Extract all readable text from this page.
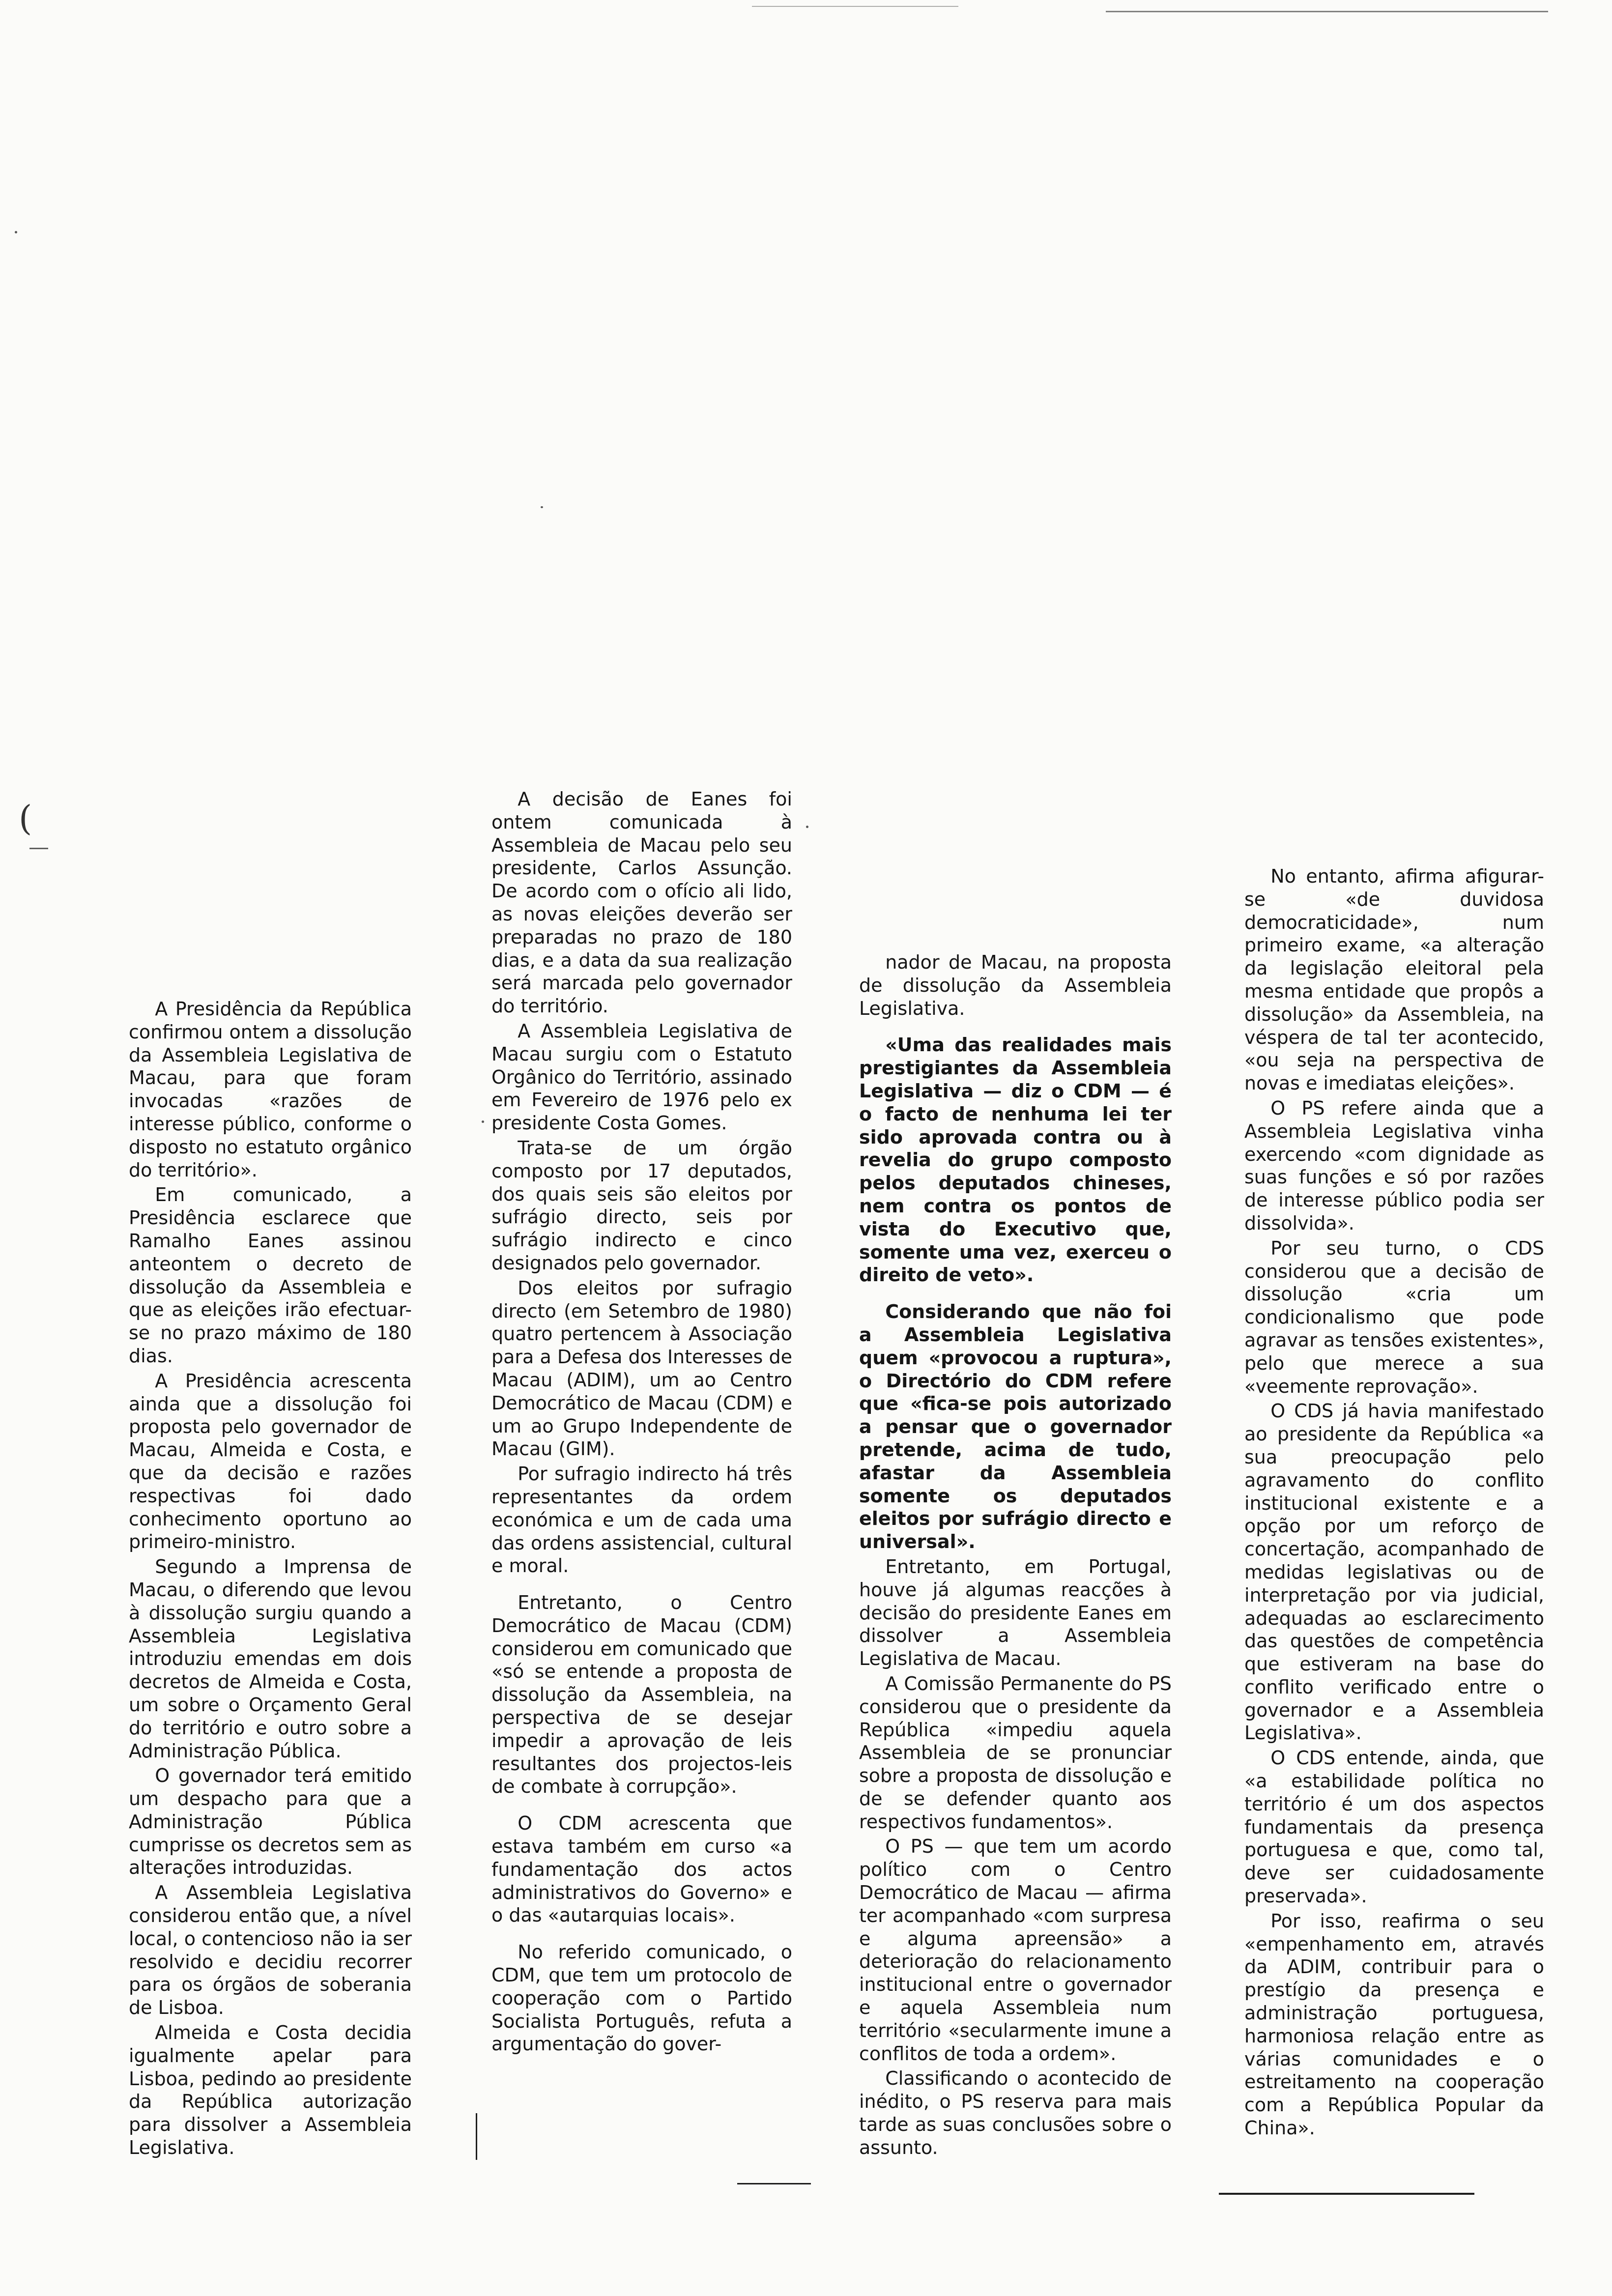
(

A Presidência da República confirmou ontem a dissolução da Assembleia Legislativa de Macau, para que foram invocadas «razões de interesse público, conforme o disposto no estatuto orgânico do território».

Em comunicado, a Presidência esclarece que Ramalho Eanes assinou anteontem o decreto de dissolução da Assembleia e que as eleições irão efectuar-se no prazo máximo de 180 dias.

A Presidência acrescenta ainda que a dissolução foi proposta pelo governador de Macau, Almeida e Costa, e que da decisão e razões respectivas foi dado conhecimento oportuno ao primeiro-ministro.

Segundo a Imprensa de Macau, o diferendo que levou à dissolução surgiu quando a Assembleia Legislativa introduziu emendas em dois decretos de Almeida e Costa, um sobre o Orçamento Geral do território e outro sobre a Administração Pública.

O governador terá emitido um despacho para que a Administração Pública cumprisse os decretos sem as alterações introduzidas.

A Assembleia Legislativa considerou então que, a nível local, o contencioso não ia ser resolvido e decidiu recorrer para os órgãos de soberania de Lisboa.

Almeida e Costa decidia igualmente apelar para Lisboa, pedindo ao presidente da República autorização para dissolver a Assembleia Legislativa.

A decisão de Eanes foi ontem comunicada à Assembleia de Macau pelo seu presidente, Carlos Assunção. De acordo com o ofício ali lido, as novas eleições deverão ser preparadas no prazo de 180 dias, e a data da sua realização será marcada pelo governador do território.

A Assembleia Legislativa de Macau surgiu com o Estatuto Orgânico do Território, assinado em Fevereiro de 1976 pelo ex presidente Costa Gomes.

Trata-se de um órgão composto por 17 deputados, dos quais seis são eleitos por sufrágio directo, seis por sufrágio indirecto e cinco designados pelo governador.

Dos eleitos por sufragio directo (em Setembro de 1980) quatro pertencem à Associação para a Defesa dos Interesses de Macau (ADIM), um ao Centro Democrático de Macau (CDM) e um ao Grupo Independente de Macau (GIM).

Por sufragio indirecto há três representantes da ordem económica e um de cada uma das ordens assistencial, cultural e moral.

Entretanto, o Centro Democrático de Macau (CDM) considerou em comunicado que «só se entende a proposta de dissolução da Assembleia, na perspectiva de se desejar impedir a aprovação de leis resultantes dos projectos-leis de combate à corrupção».

O CDM acrescenta que estava também em curso «a fundamentação dos actos administrativos do Governo» e o das «autarquias locais».

No referido comunicado, o CDM, que tem um protocolo de cooperação com o Partido Socialista Português, refuta a argumentação do gover-

nador de Macau, na proposta de dissolução da Assembleia Legislativa.

«Uma das realidades mais prestigiantes da Assembleia Legislativa — diz o CDM — é o facto de nenhuma lei ter sido aprovada contra ou à revelia do grupo composto pelos deputados chineses, nem contra os pontos de vista do Executivo que, somente uma vez, exerceu o direito de veto».

Considerando que não foi a Assembleia Legislativa quem «provocou a ruptura», o Directório do CDM refere que «fica-se pois autorizado a pensar que o governador pretende, acima de tudo, afastar da Assembleia somente os deputados eleitos por sufrágio directo e universal».

Entretanto, em Portugal, houve já algumas reacções à decisão do presidente Eanes em dissolver a Assembleia Legislativa de Macau.

A Comissão Permanente do PS considerou que o presidente da República «impediu aquela Assembleia de se pronunciar sobre a proposta de dissolução e de se defender quanto aos respectivos fundamentos».

O PS — que tem um acordo político com o Centro Democrático de Macau — afirma ter acompanhado «com surpresa e alguma apreensão» a deterioração do relacionamento institucional entre o governador e aquela Assembleia num território «secularmente imune a conflitos de toda a ordem».

Classificando o acontecido de inédito, o PS reserva para mais tarde as suas conclusões sobre o assunto.

No entanto, afirma afigurar-se «de duvidosa democraticidade», num primeiro exame, «a alteração da legislação eleitoral pela mesma entidade que propôs a dissolução» da Assembleia, na véspera de tal ter acontecido, «ou seja na perspectiva de novas e imediatas eleições».

O PS refere ainda que a Assembleia Legislativa vinha exercendo «com dignidade as suas funções e só por razões de interesse público podia ser dissolvida».

Por seu turno, o CDS considerou que a decisão de dissolução «cria um condicionalismo que pode agravar as tensões existentes», pelo que merece a sua «veemente reprovação».

O CDS já havia manifestado ao presidente da República «a sua preocupação pelo agravamento do conflito institucional existente e a opção por um reforço de concertação, acompanhado de medidas legislativas ou de interpretação por via judicial, adequadas ao esclarecimento das questões de competência que estiveram na base do conflito verificado entre o governador e a Assembleia Legislativa».

O CDS entende, ainda, que «a estabilidade política no território é um dos aspectos fundamentais da presença portuguesa e que, como tal, deve ser cuidadosamente preservada».

Por isso, reafirma o seu «empenhamento em, através da ADIM, contribuir para o prestígio da presença e administração portuguesa, harmoniosa relação entre as várias comunidades e o estreitamento na cooperação com a República Popular da China».
